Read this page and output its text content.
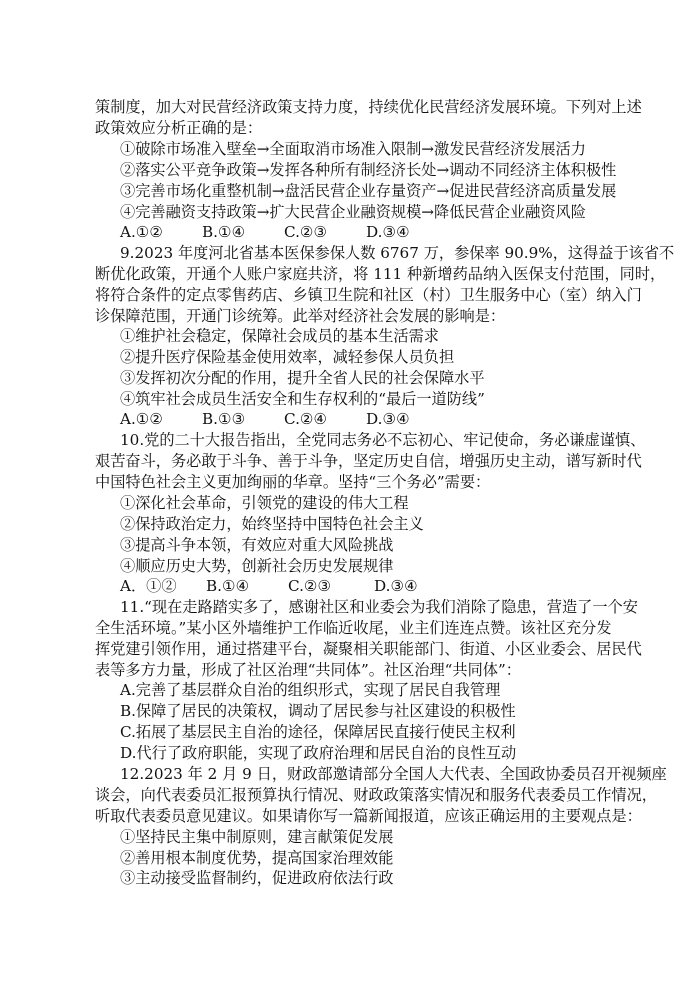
策制度，加大对民营经济政策支持力度，持续优化民营经济发展环境。下列对上述
政策效应分析正确的是：
①破除市场准入壁垒→全面取消市场准入限制→激发民营经济发展活力
②落实公平竞争政策→发挥各种所有制经济长处→调动不同经济主体积极性
③完善市场化重整机制→盘活民营企业存量资产→促进民营经济高质量发展
④完善融资支持政策→扩大民营企业融资规模→降低民营企业融资风险
A.①②	B.①④	C.②③	D.③④
9.2023 年度河北省基本医保参保人数 6767 万，参保率 90.9%，这得益于该省不
断优化政策，开通个人账户家庭共济，将 111 种新增药品纳入医保支付范围，同时，
将符合条件的定点零售药店、乡镇卫生院和社区（村）卫生服务中心（室）纳入门
诊保障范围，开通门诊统筹。此举对经济社会发展的影响是：
①维护社会稳定，保障社会成员的基本生活需求
②提升医疗保险基金使用效率，减轻参保人员负担
③发挥初次分配的作用，提升全省人民的社会保障水平
④筑牢社会成员生活安全和生存权利的“最后一道防线”
A.①②	B.①③	C.②④	D.③④
10.党的二十大报告指出，全党同志务必不忘初心、牢记使命，务必谦虚谨慎、
艰苦奋斗，务必敢于斗争、善于斗争，坚定历史自信，增强历史主动，谱写新时代
中国特色社会主义更加绚丽的华章。坚持“三个务必”需要：
①深化社会革命，引领党的建设的伟大工程
②保持政治定力，始终坚持中国特色社会主义
③提高斗争本领，有效应对重大风险挑战
④顺应历史大势，创新社会历史发展规律
A．①② B.①④	C.②③	D.③④
11.“现在走路踏实多了，感谢社区和业委会为我们消除了隐患，营造了一个安
全生活环境。”某小区外墙维护工作临近收尾，业主们连连点赞。该社区充分发
挥党建引领作用，通过搭建平台，凝聚相关职能部门、街道、小区业委会、居民代
表等多方力量，形成了社区治理“共同体”。社区治理“共同体”：
A.完善了基层群众自治的组织形式，实现了居民自我管理
B.保障了居民的决策权，调动了居民参与社区建设的积极性
C.拓展了基层民主自治的途径，保障居民直接行使民主权利
D.代行了政府职能，实现了政府治理和居民自治的良性互动
12.2023 年 2 月 9 日，财政部邀请部分全国人大代表、全国政协委员召开视频座
谈会，向代表委员汇报预算执行情况、财政政策落实情况和服务代表委员工作情况，
听取代表委员意见建议。如果请你写一篇新闻报道，应该正确运用的主要观点是：
①坚持民主集中制原则，建言献策促发展
②善用根本制度优势，提高国家治理效能
③主动接受监督制约，促进政府依法行政
